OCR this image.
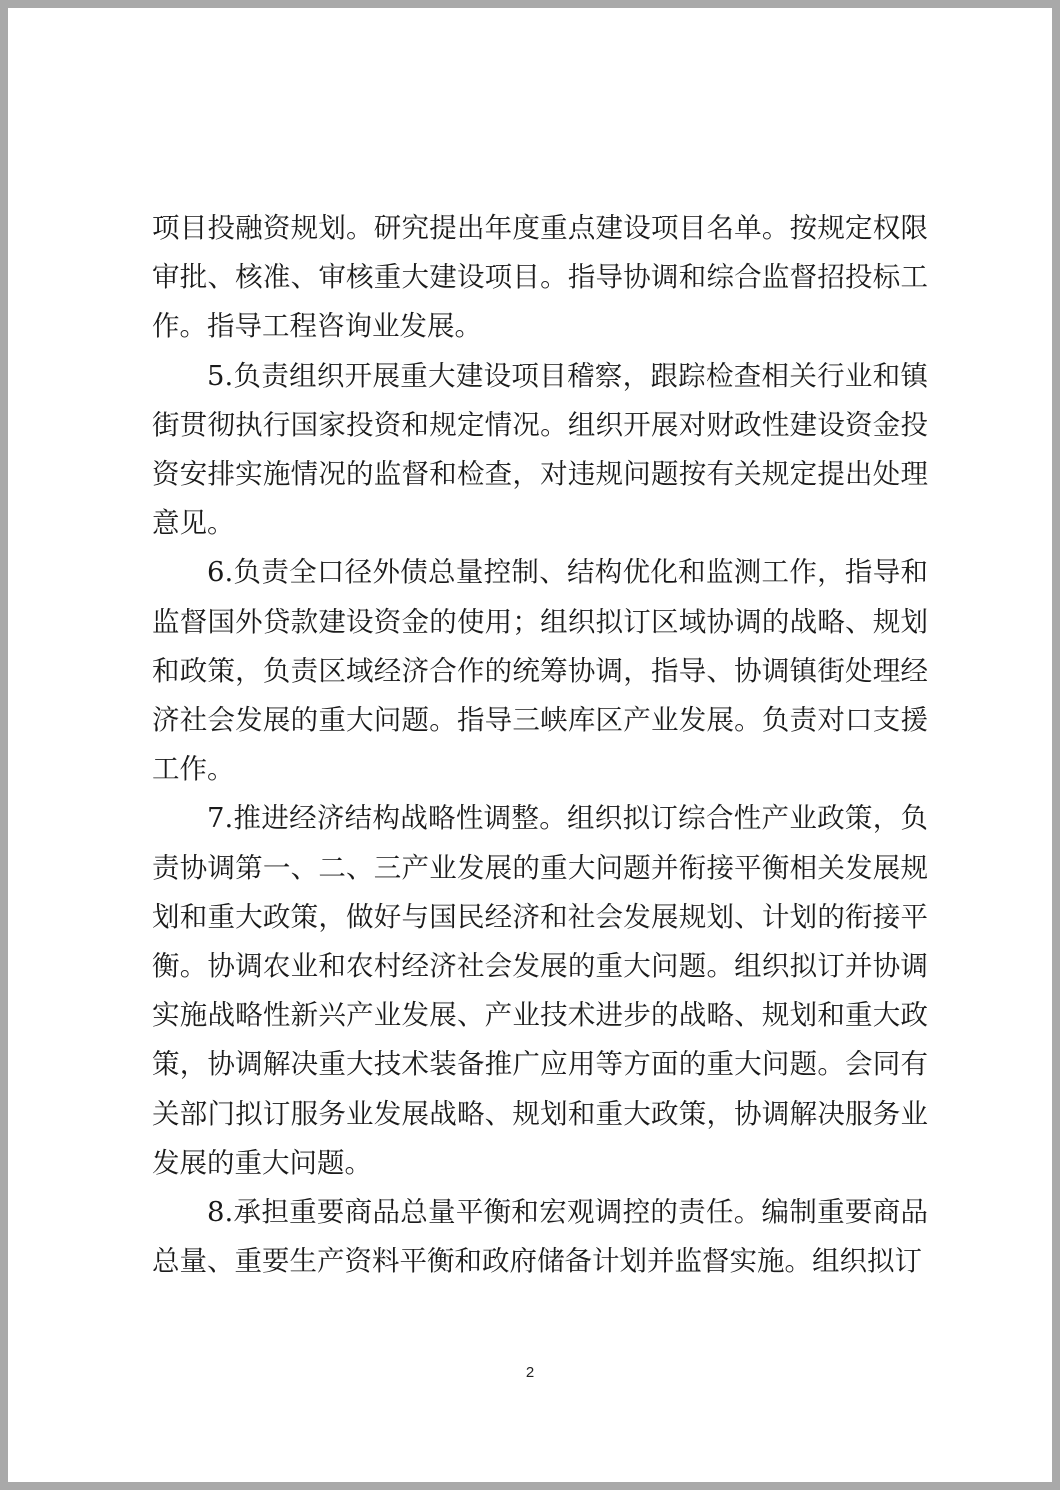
项目投融资规划。研究提出年度重点建设项目名单。按规定权限审批、核准、审核重大建设项目。指导协调和综合监督招投标工作。指导工程咨询业发展。

5.负责组织开展重大建设项目稽察，跟踪检查相关行业和镇街贯彻执行国家投资和规定情况。组织开展对财政性建设资金投资安排实施情况的监督和检查，对违规问题按有关规定提出处理意见。

6.负责全口径外债总量控制、结构优化和监测工作，指导和监督国外贷款建设资金的使用；组织拟订区域协调的战略、规划和政策，负责区域经济合作的统筹协调，指导、协调镇街处理经济社会发展的重大问题。指导三峡库区产业发展。负责对口支援工作。

7.推进经济结构战略性调整。组织拟订综合性产业政策，负责协调第一、二、三产业发展的重大问题并衔接平衡相关发展规划和重大政策，做好与国民经济和社会发展规划、计划的衔接平衡。协调农业和农村经济社会发展的重大问题。组织拟订并协调实施战略性新兴产业发展、产业技术进步的战略、规划和重大政策，协调解决重大技术装备推广应用等方面的重大问题。会同有关部门拟订服务业发展战略、规划和重大政策，协调解决服务业发展的重大问题。

8.承担重要商品总量平衡和宏观调控的责任。编制重要商品总量、重要生产资料平衡和政府储备计划并监督实施。组织拟订

2
